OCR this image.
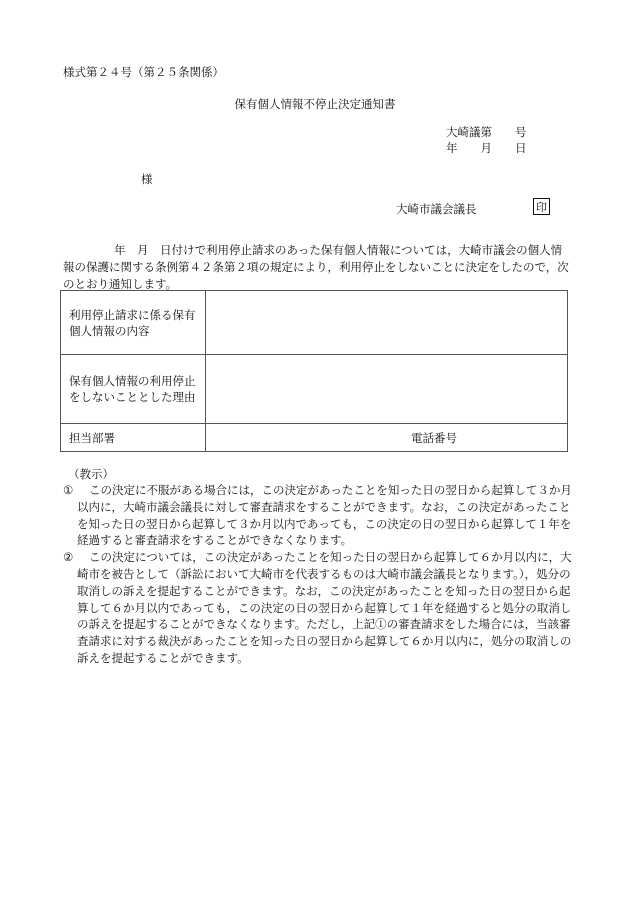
様式第２４号（第２５条関係）
保有個人情報不停止決定通知書
大崎議第　　号
年　　月　　日
様
大崎市議会議長	印

年　月　日付けで利用停止請求のあった保有個人情報については，大崎市議会の個人情報の保護に関する条例第４２条第２項の規定により，利用停止をしないことに決定をしたので，次のとおり通知します。

利用停止請求に係る保有個人情報の内容	
保有個人情報の利用停止をしないこととした理由	
担当部署	電話番号
（教示）
①	この決定に不服がある場合には，この決定があったことを知った日の翌日から起算して３か月以内に，大崎市議会議長に対して審査請求をすることができます。なお，この決定があったことを知った日の翌日から起算して３か月以内であっても，この決定の日の翌日から起算して１年を経過すると審査請求をすることができなくなります。
②	この決定については，この決定があったことを知った日の翌日から起算して６か月以内に，大崎市を被告として（訴訟において大崎市を代表するものは大崎市議会議長となります。），処分の取消しの訴えを提起することができます。なお，この決定があったことを知った日の翌日から起算して６か月以内であっても，この決定の日の翌日から起算して１年を経過すると処分の取消しの訴えを提起することができなくなります。ただし，上記①の審査請求をした場合には，当該審査請求に対する裁決があったことを知った日の翌日から起算して６か月以内に，処分の取消しの訴えを提起することができます。
